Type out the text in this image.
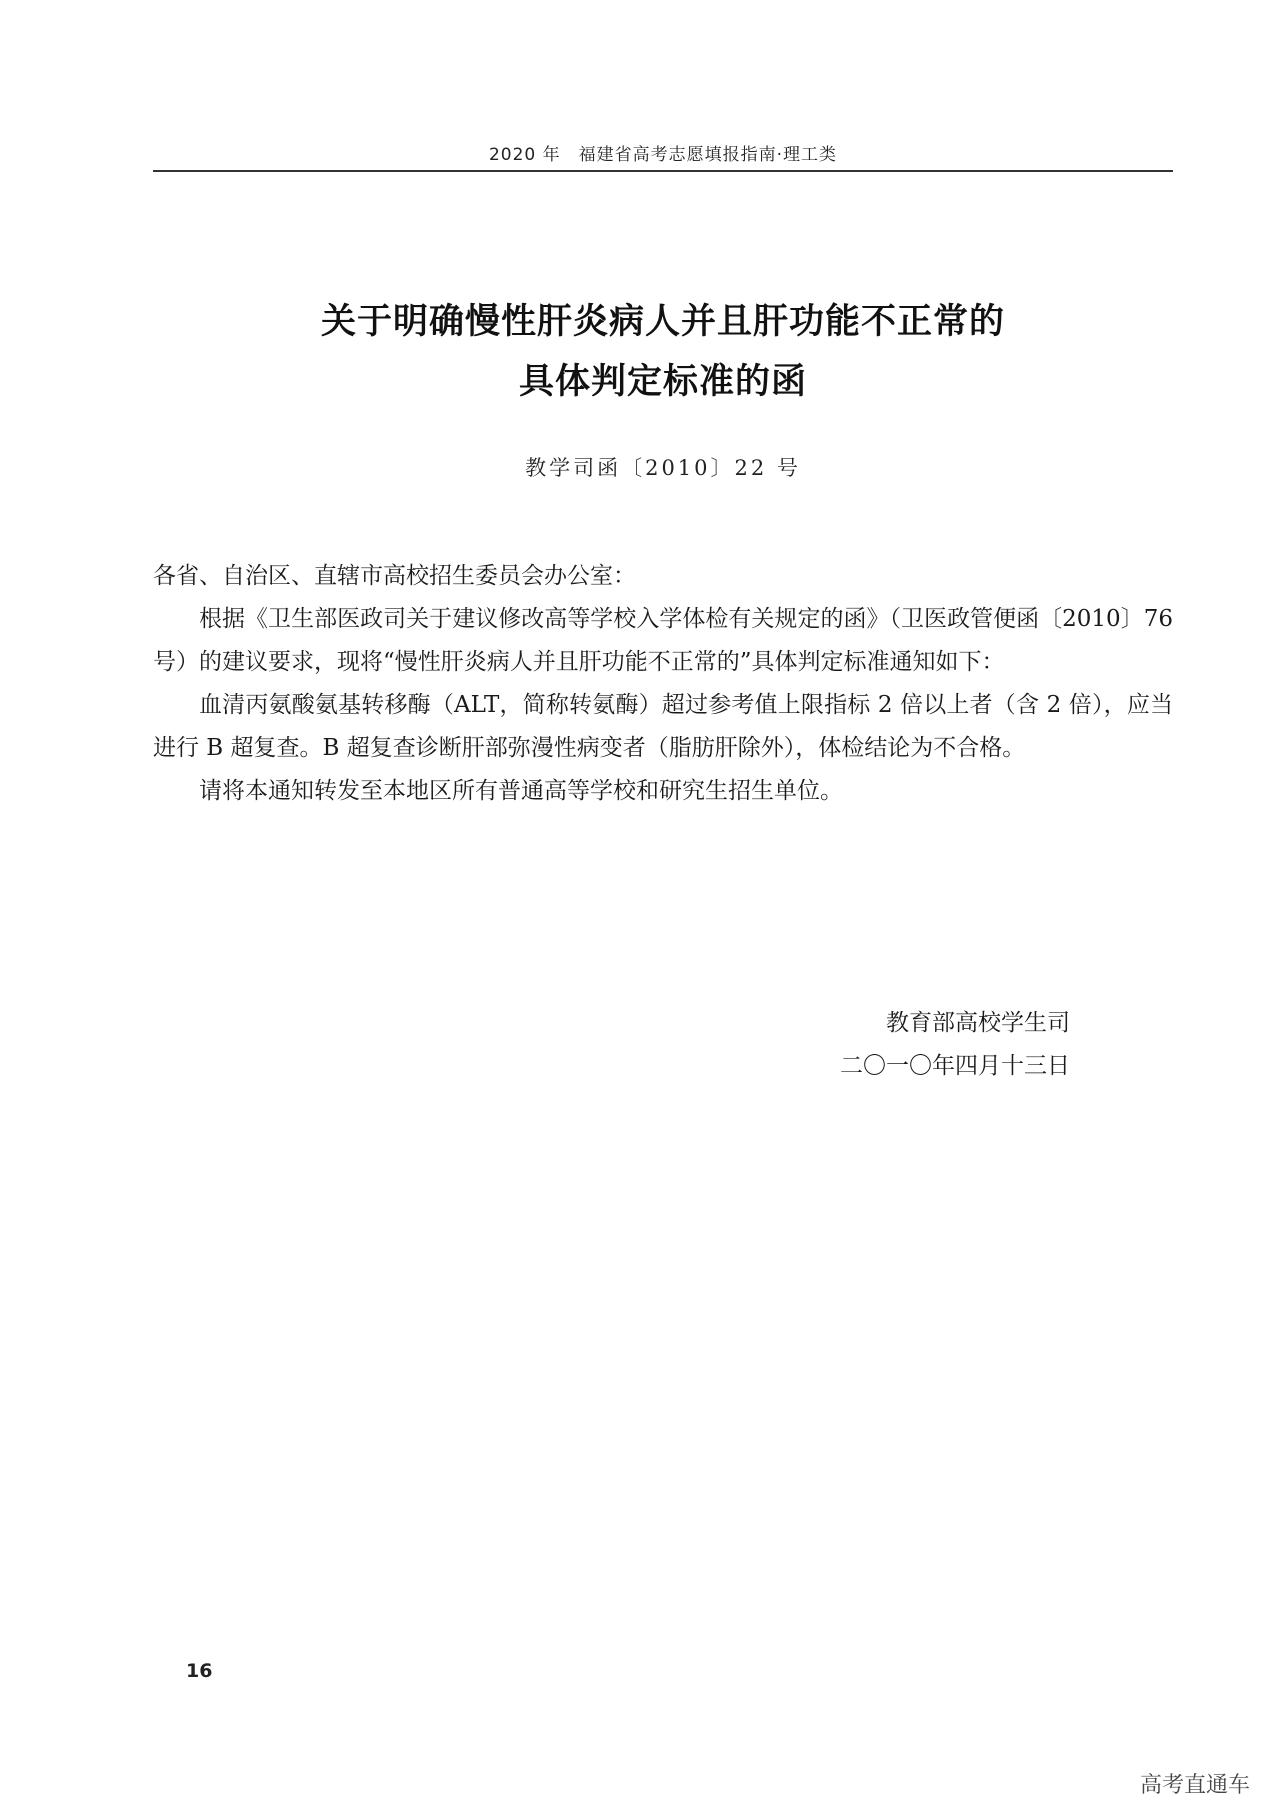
2020 年　福建省高考志愿填报指南·理工类
关于明确慢性肝炎病人并且肝功能不正常的
具体判定标准的函
教学司函〔2010〕22 号

各省、自治区、直辖市高校招生委员会办公室：

根据《卫生部医政司关于建议修改高等学校入学体检有关规定的函》（卫医政管便函〔2010〕76 号）的建议要求，现将“慢性肝炎病人并且肝功能不正常的”具体判定标准通知如下：

血清丙氨酸氨基转移酶（ALT，简称转氨酶）超过参考值上限指标 2 倍以上者（含 2 倍），应当进行 B 超复查。B 超复查诊断肝部弥漫性病变者（脂肪肝除外），体检结论为不合格。

请将本通知转发至本地区所有普通高等学校和研究生招生单位。

教育部高校学生司
二〇一〇年四月十三日
16
高考直通车
